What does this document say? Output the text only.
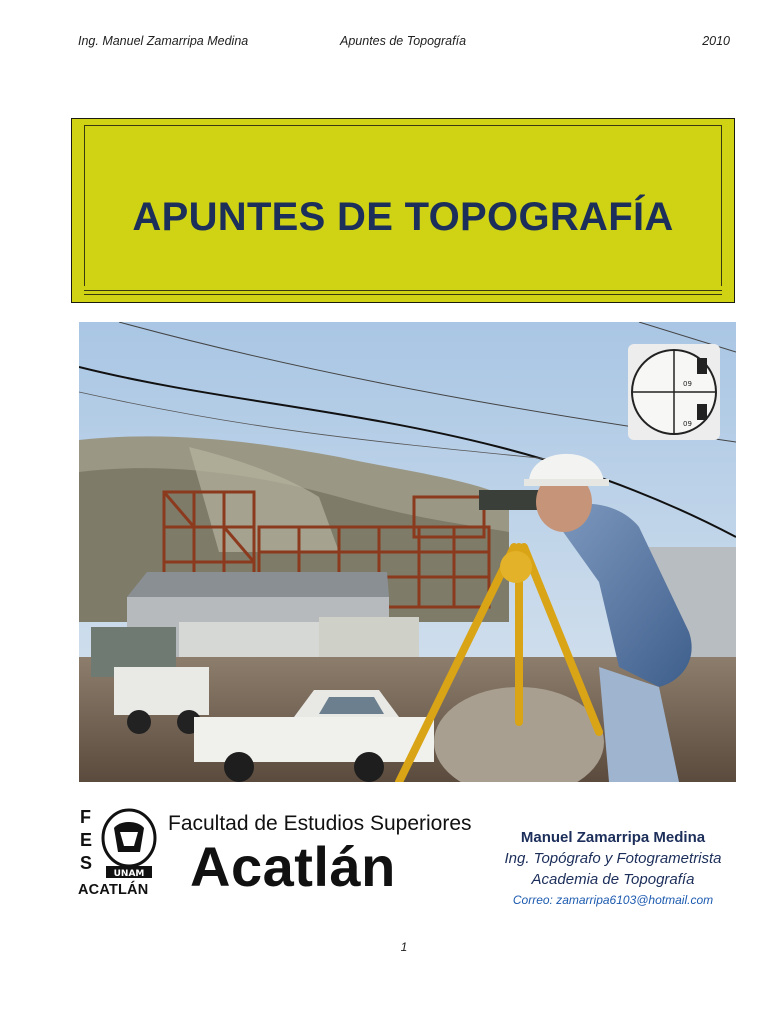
Ing. Manuel Zamarripa Medina	Apuntes de Topografía	2010
APUNTES DE TOPOGRAFÍA
09
09
F
E
S
UNAM
ACATLÁN
Facultad de Estudios Superiores
Acatlán	Manuel Zamarripa Medina
Ing. Topógrafo y Fotogrametrista
Academia de Topografía
Correo: zamarripa6103@hotmail.com
1
